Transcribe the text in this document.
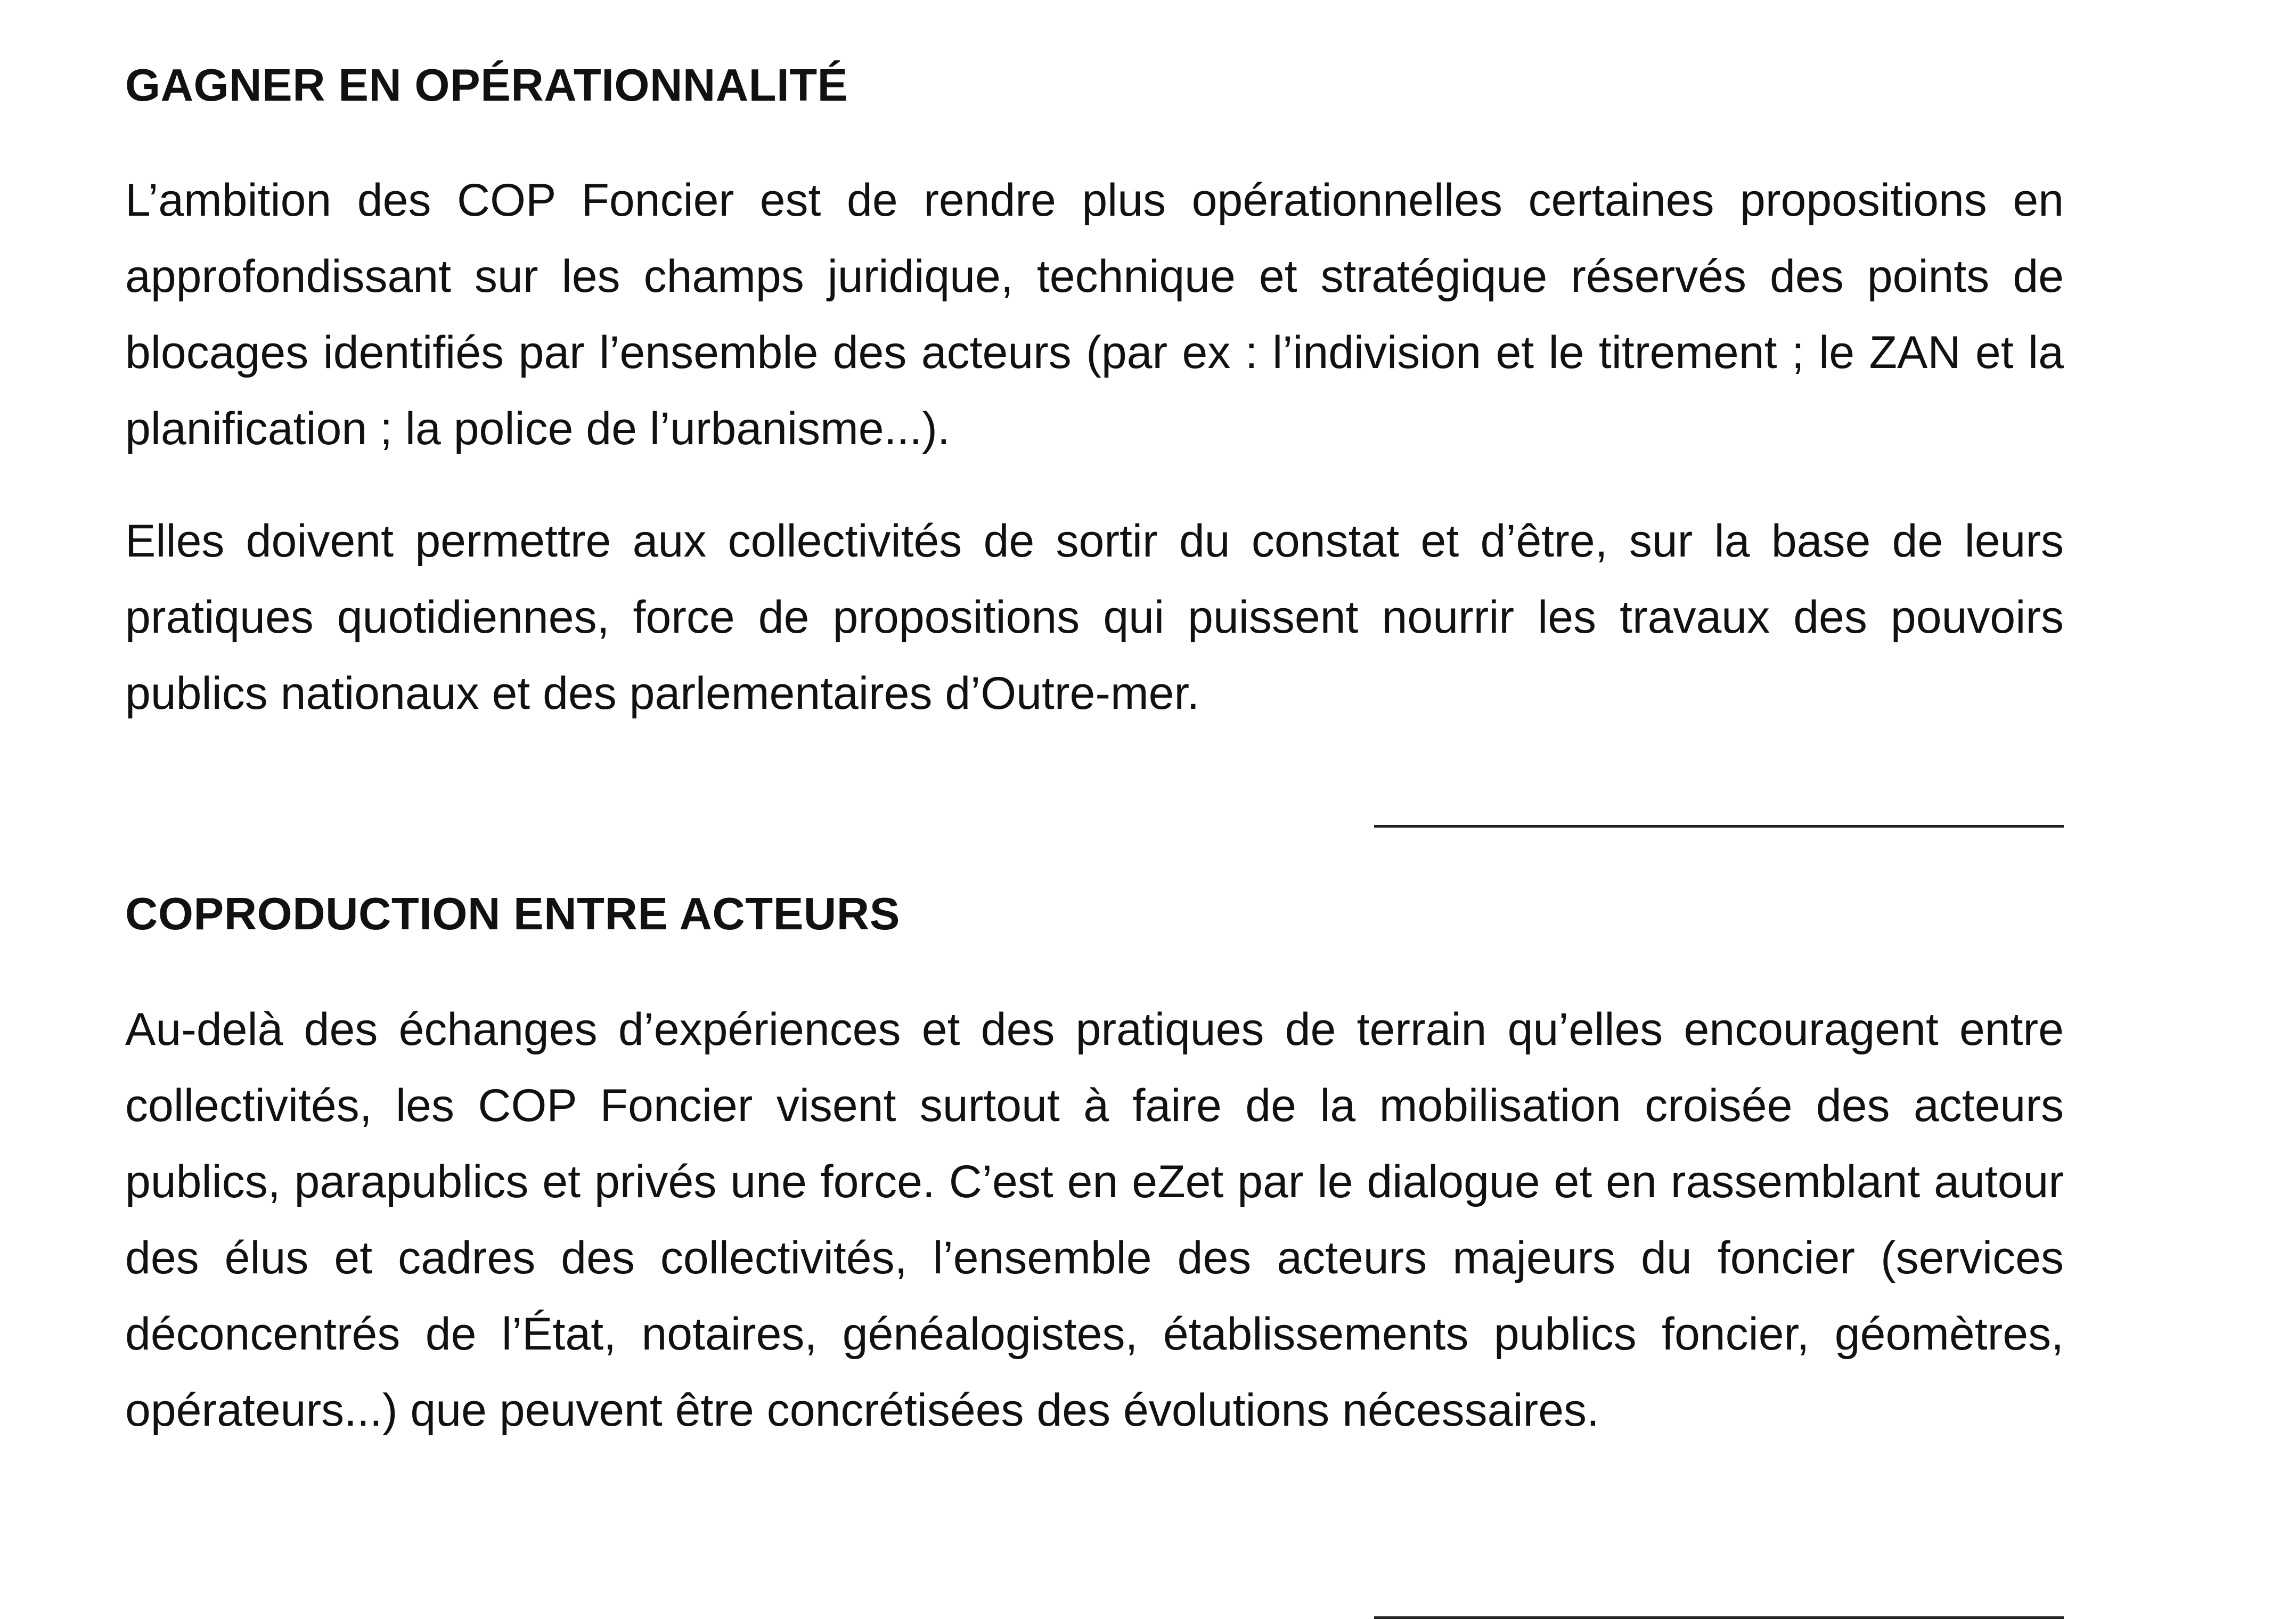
GAGNER EN OPÉRATIONNALITÉ

L’ambition des COP Foncier est de rendre plus opérationnelles certaines propositions en approfondissant sur les champs juridique, technique et stratégique réservés des points de blocages identifiés par l’ensemble des acteurs (par ex : l’indivision et le titrement ; le ZAN et la planification ; la police de l’urbanisme...).

Elles doivent permettre aux collectivités de sortir du constat et d’être, sur la base de leurs pratiques quotidiennes, force de propositions qui puissent nourrir les travaux des pouvoirs publics nationaux et des parlementaires d’Outre-mer.

COPRODUCTION ENTRE ACTEURS

Au-delà des échanges d’expériences et des pratiques de terrain qu’elles encouragent entre collectivités, les COP Foncier visent surtout à faire de la mobilisation croisée des acteurs publics, parapublics et privés une force. C’est en eZet par le dialogue et en rassemblant autour des élus et cadres des collectivités, l’ensemble des acteurs majeurs du foncier (services déconcentrés de l’État, notaires, généalogistes, établissements publics foncier, géomètres, opérateurs...) que peuvent être concrétisées des évolutions nécessaires.
